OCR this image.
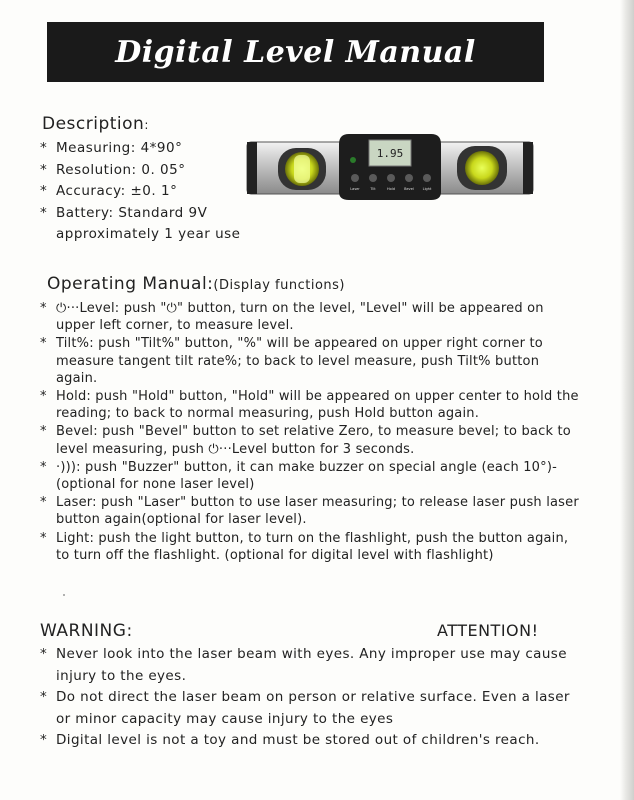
Digital Level Manual
Description:
* Measuring: 4*90°
* Resolution: 0. 05°
* Accuracy: ±0. 1°
* Battery: Standard 9V
approximately 1 year use
1.95
Laser	Tilt	Hold	Bevel Light
Operating Manual:(Display functions)
* ⏻···Level: push "⏻" button, turn on the level, "Level" will be appeared on upper left corner, to measure level.
* Tilt%: push "Tilt%" button, "%" will be appeared on upper right corner to measure tangent tilt rate%; to back to level measure, push Tilt% button again.
* Hold: push "Hold" button, "Hold" will be appeared on upper center to hold the reading; to back to normal measuring, push Hold button again.
* Bevel: push "Bevel" button to set relative Zero, to measure bevel; to back to level measuring, push ⏻···Level button for 3 seconds.
* ·))): push "Buzzer" button, it can make buzzer on special angle (each 10°)-(optional for none laser level)
* Laser: push "Laser" button to use laser measuring; to release laser push laser button again(optional for laser level).
* Light: push the light button, to turn on the flashlight, push the button again, to turn off the flashlight. (optional for digital level with flashlight)
WARNING:	ATTENTION!
* Never look into the laser beam with eyes. Any improper use may cause injury to the eyes.
* Do not direct the laser beam on person or relative surface. Even a laser or minor capacity may cause injury to the eyes
* Digital level is not a toy and must be stored out of children's reach.
